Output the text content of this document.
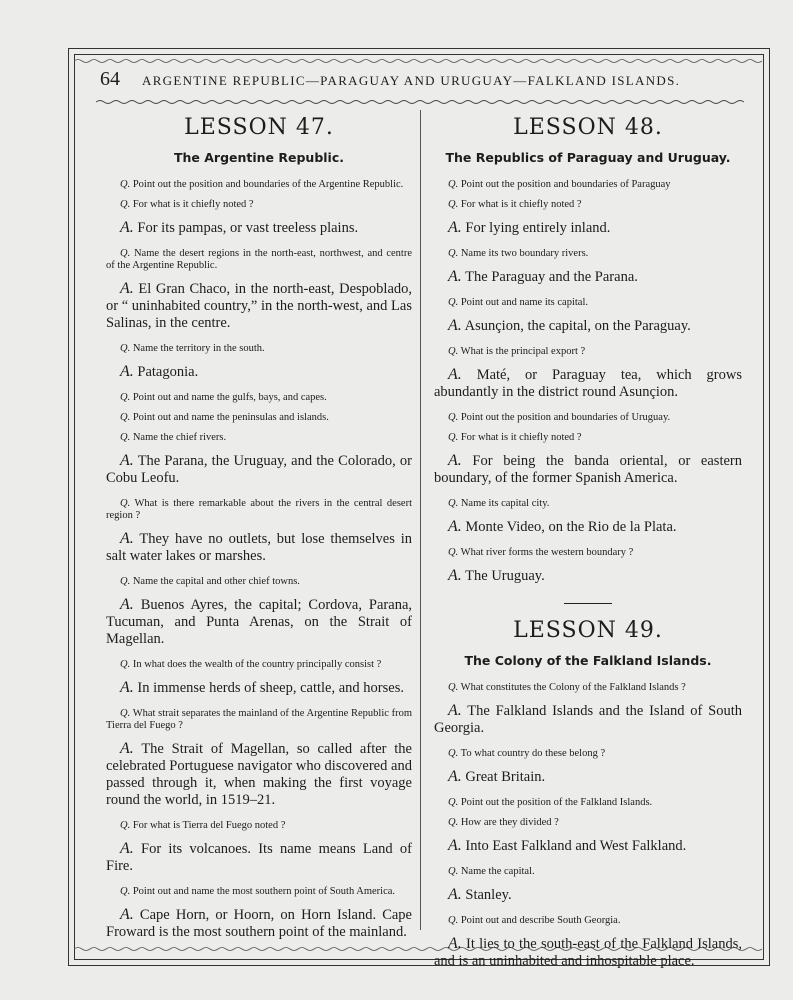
64 ARGENTINE REPUBLIC—PARAGUAY AND URUGUAY—FALKLAND ISLANDS.
LESSON 47.
The Argentine Republic.

Q. Point out the position and boundaries of the Argentine Republic.

Q. For what is it chiefly noted ?

A. For its pampas, or vast treeless plains.

Q. Name the desert regions in the north-east, northwest, and centre of the Argentine Republic.

A. El Gran Chaco, in the north-east, Despoblado, or “ uninhabited country,” in the north-west, and Las Salinas, in the centre.

Q. Name the territory in the south.

A. Patagonia.

Q. Point out and name the gulfs, bays, and capes.

Q. Point out and name the peninsulas and islands.

Q. Name the chief rivers.

A. The Parana, the Uruguay, and the Colorado, or Cobu Leofu.

Q. What is there remarkable about the rivers in the central desert region ?

A. They have no outlets, but lose themselves in salt water lakes or marshes.

Q. Name the capital and other chief towns.

A. Buenos Ayres, the capital; Cordova, Parana, Tucuman, and Punta Arenas, on the Strait of Magellan.

Q. In what does the wealth of the country principally consist ?

A. In immense herds of sheep, cattle, and horses.

Q. What strait separates the mainland of the Argentine Republic from Tierra del Fuego ?

A. The Strait of Magellan, so called after the celebrated Portuguese navigator who discovered and passed through it, when making the first voyage round the world, in 1519–21.

Q. For what is Tierra del Fuego noted ?

A. For its volcanoes. Its name means Land of Fire.

Q. Point out and name the most southern point of South America.

A. Cape Horn, or Hoorn, on Horn Island. Cape Froward is the most southern point of the mainland.

LESSON 48.
The Republics of Paraguay and Uruguay.

Q. Point out the position and boundaries of Paraguay

Q. For what is it chiefly noted ?

A. For lying entirely inland.

Q. Name its two boundary rivers.

A. The Paraguay and the Parana.

Q. Point out and name its capital.

A. Asunçion, the capital, on the Paraguay.

Q. What is the principal export ?

A. Maté, or Paraguay tea, which grows abundantly in the district round Asunçion.

Q. Point out the position and boundaries of Uruguay.

Q. For what is it chiefly noted ?

A. For being the banda oriental, or eastern boundary, of the former Spanish America.

Q. Name its capital city.

A. Monte Video, on the Rio de la Plata.

Q. What river forms the western boundary ?

A. The Uruguay.

LESSON 49.
The Colony of the Falkland Islands.

Q. What constitutes the Colony of the Falkland Islands ?

A. The Falkland Islands and the Island of South Georgia.

Q. To what country do these belong ?

A. Great Britain.

Q. Point out the position of the Falkland Islands.

Q. How are they divided ?

A. Into East Falkland and West Falkland.

Q. Name the capital.

A. Stanley.

Q. Point out and describe South Georgia.

A. It lies to the south-east of the Falkland Islands, and is an uninhabited and inhospitable place.
